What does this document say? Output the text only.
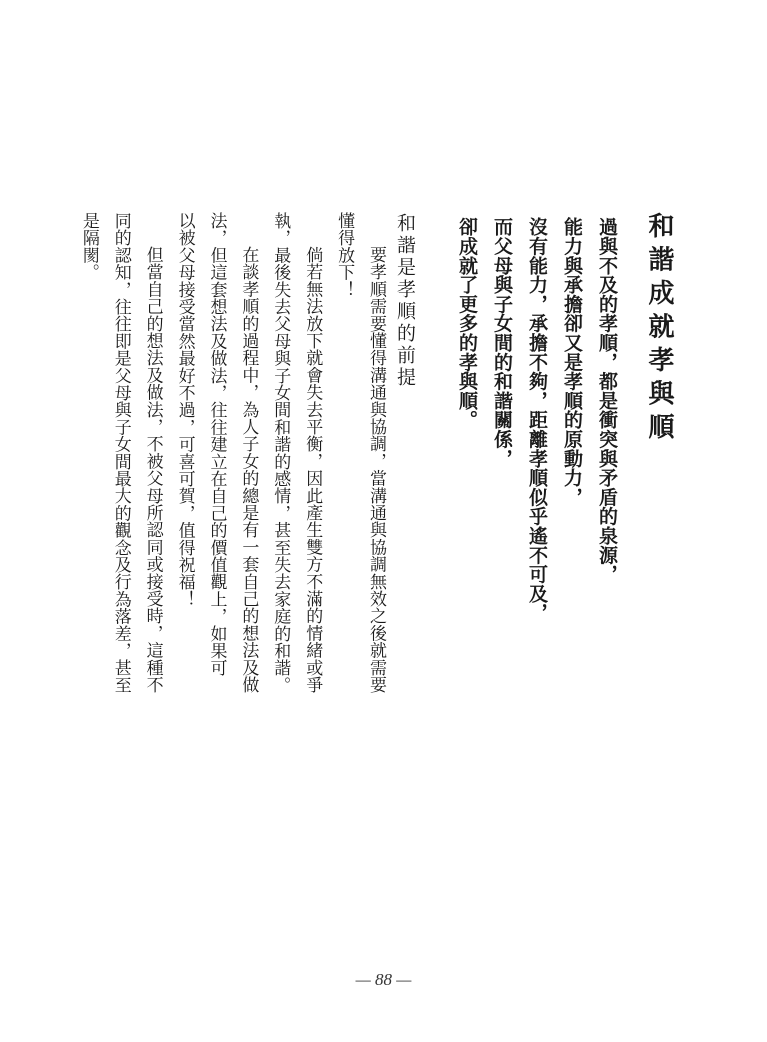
和諧成就孝與順
過與不及的孝順，都是衝突與矛盾的泉源，
能力與承擔卻又是孝順的原動力，
沒有能力，承擔不夠，距離孝順似乎遙不可及，
而父母與子女間的和諧關係，
卻成就了更多的孝與順。
和諧是孝順的前提
要孝順需要懂得溝通與協調，當溝通與協調無效之後就需要
懂得放下！
倘若無法放下就會失去平衡，因此產生雙方不滿的情緒或爭
執，最後失去父母與子女間和諧的感情，甚至失去家庭的和諧。
在談孝順的過程中，為人子女的總是有一套自己的想法及做
法，但這套想法及做法，往往建立在自己的價值觀上，如果可
以被父母接受當然最好不過，可喜可賀，值得祝福！
但當自己的想法及做法，不被父母所認同或接受時，這種不
同的認知，往往即是父母與子女間最大的觀念及行為落差，甚至
是隔閡。
— 88 —
